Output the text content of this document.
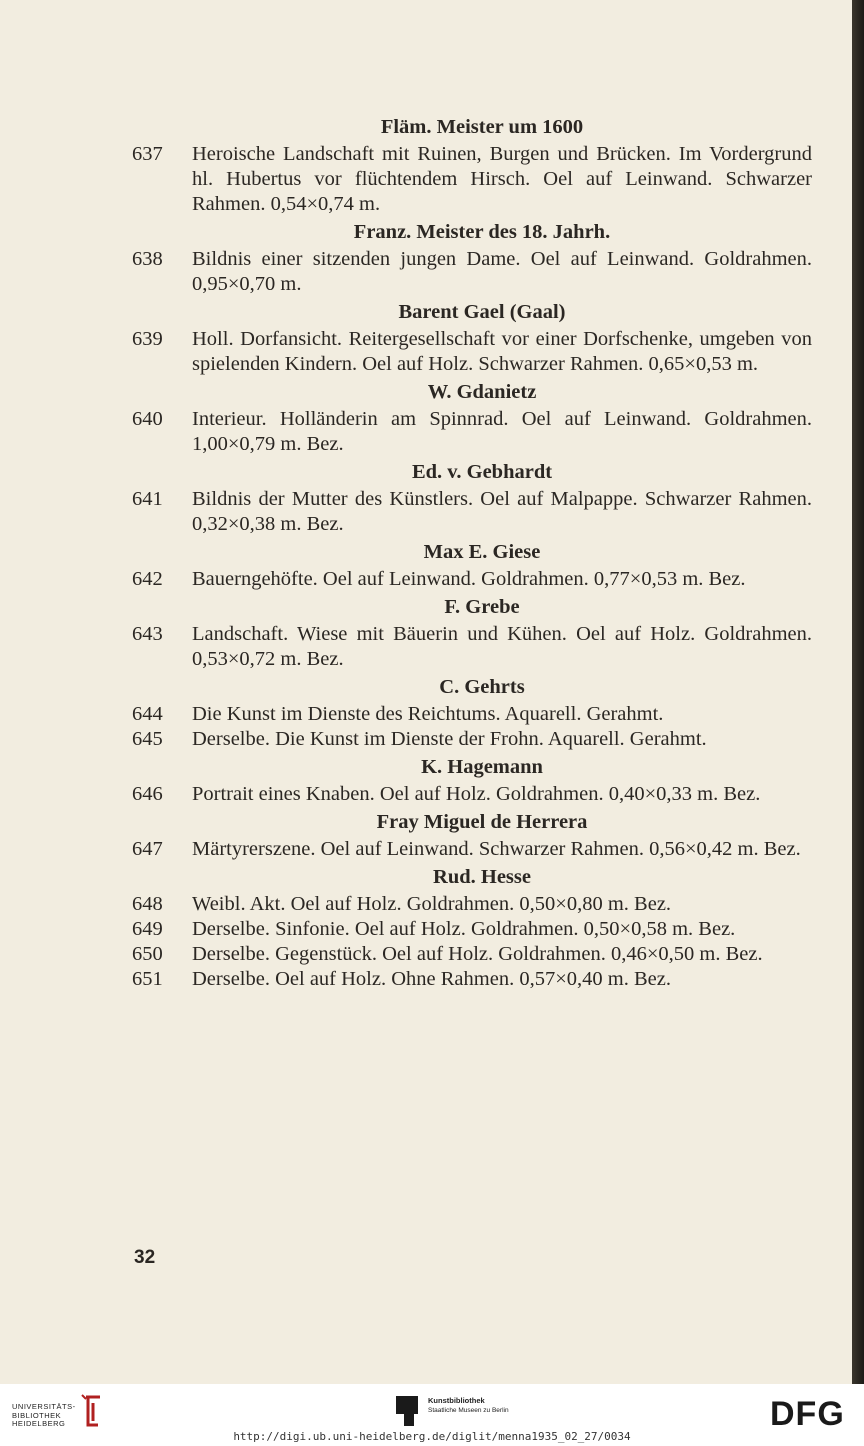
Fläm. Meister um 1600
637	Heroische Landschaft mit Ruinen, Burgen und Brücken. Im Vordergrund hl. Hubertus vor flüchtendem Hirsch. Oel auf Leinwand. Schwarzer Rahmen. 0,54×0,74 m.
Franz. Meister des 18. Jahrh.
638	Bildnis einer sitzenden jungen Dame. Oel auf Leinwand. Goldrahmen. 0,95×0,70 m.
Barent Gael (Gaal)
639	Holl. Dorfansicht. Reitergesellschaft vor einer Dorfschenke, umgeben von spielenden Kindern. Oel auf Holz. Schwarzer Rahmen. 0,65×0,53 m.
W. Gdanietz
640	Interieur. Holländerin am Spinnrad. Oel auf Leinwand. Goldrahmen. 1,00×0,79 m. Bez.
Ed. v. Gebhardt
641	Bildnis der Mutter des Künstlers. Oel auf Malpappe. Schwarzer Rahmen. 0,32×0,38 m. Bez.
Max E. Giese
642	Bauerngehöfte. Oel auf Leinwand. Goldrahmen. 0,77×0,53 m. Bez.
F. Grebe
643	Landschaft. Wiese mit Bäuerin und Kühen. Oel auf Holz. Goldrahmen. 0,53×0,72 m. Bez.
C. Gehrts
644	Die Kunst im Dienste des Reichtums. Aquarell. Gerahmt.
645	Derselbe. Die Kunst im Dienste der Frohn. Aquarell. Gerahmt.
K. Hagemann
646	Portrait eines Knaben. Oel auf Holz. Goldrahmen. 0,40×0,33 m. Bez.
Fray Miguel de Herrera
647	Märtyrerszene. Oel auf Leinwand. Schwarzer Rahmen. 0,56×0,42 m. Bez.
Rud. Hesse
648	Weibl. Akt. Oel auf Holz. Goldrahmen. 0,50×0,80 m. Bez.
649	Derselbe. Sinfonie. Oel auf Holz. Goldrahmen. 0,50×0,58 m. Bez.
650	Derselbe. Gegenstück. Oel auf Holz. Goldrahmen. 0,46×0,50 m. Bez.
651	Derselbe. Oel auf Holz. Ohne Rahmen. 0,57×0,40 m. Bez.
32
UNIVERSITÄTS-
BIBLIOTHEK
HEIDELBERG
Kunstbibliothek
Staatliche Museen zu Berlin	DFG
http://digi.ub.uni-heidelberg.de/diglit/menna1935_02_27/0034
